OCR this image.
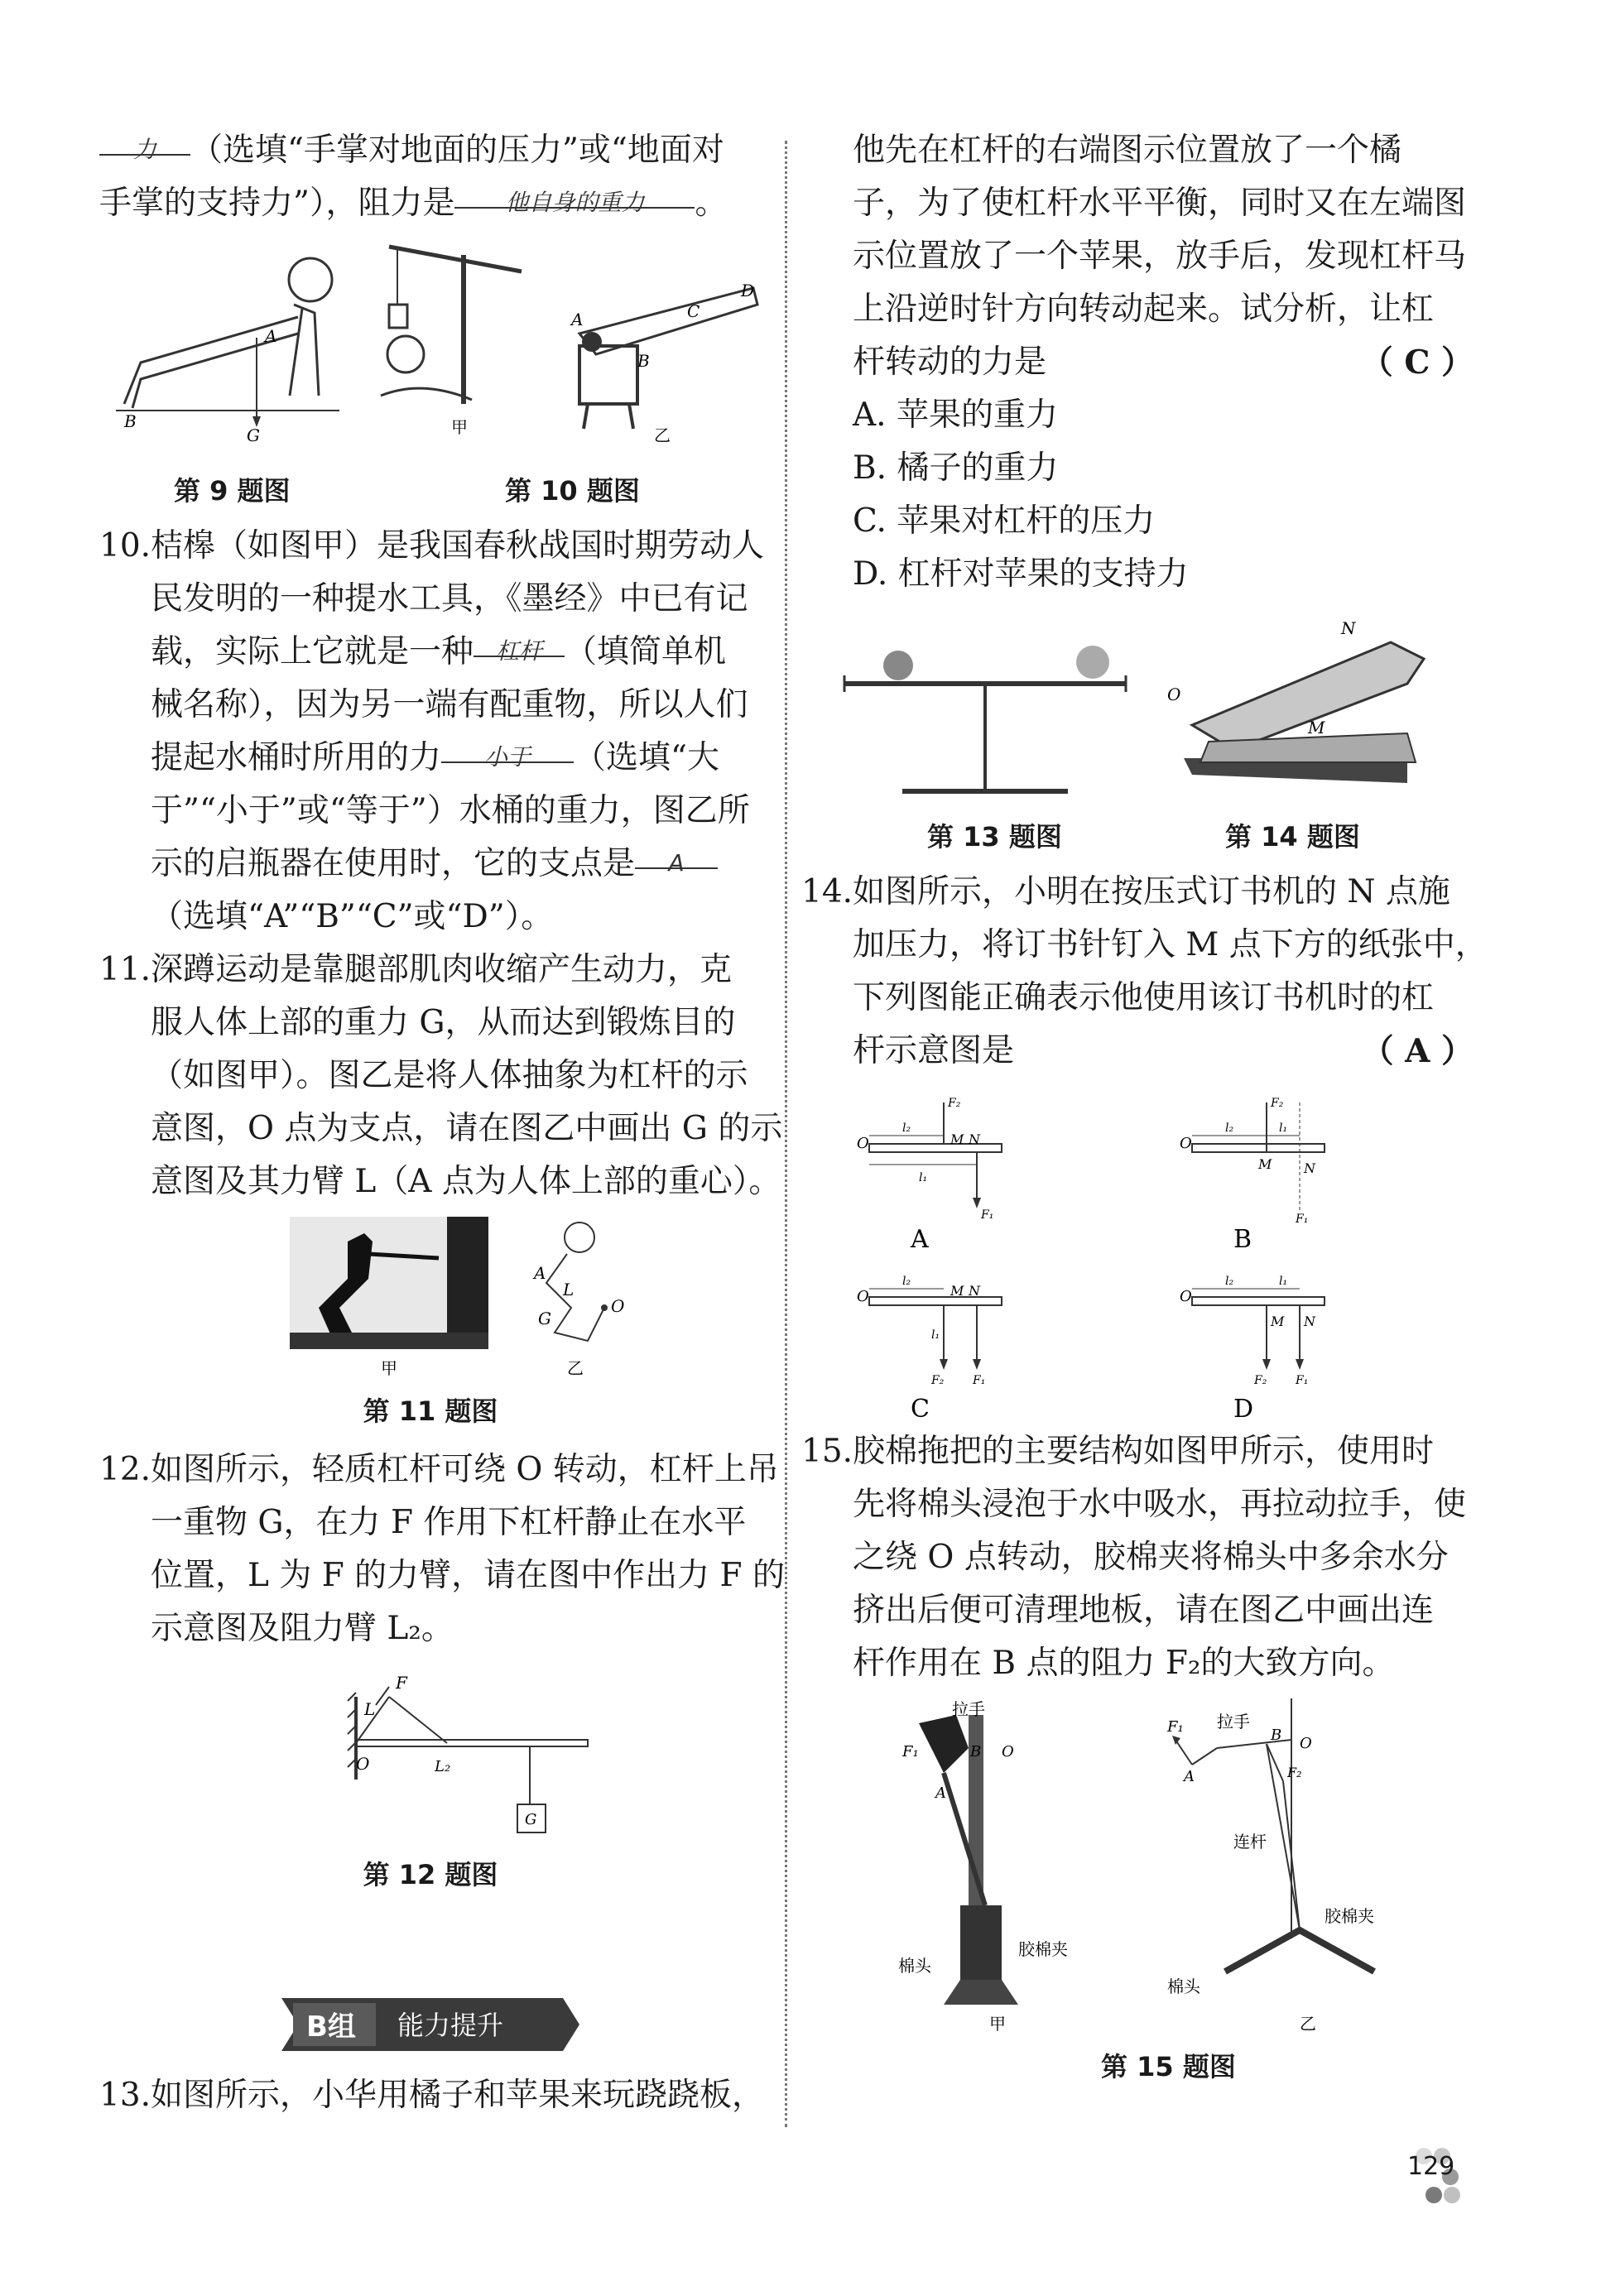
力 （选填“手掌对地面的压力”或“地面对
手掌的支持力”），阻力是 他自身的重力 。
A
B
G	甲
A
B
C
D
乙
第 9 题图	第 10 题图
10.桔槔（如图甲）是我国春秋战国时期劳动人
民发明的一种提水工具，《墨经》中已有记
载，实际上它就是一种 杠杆 （填简单机
械名称），因为另一端有配重物，所以人们
提起水桶时所用的力 小于 （选填“大
于”“小于”或“等于”）水桶的重力，图乙所
示的启瓶器在使用时，它的支点是 A
（选填“A”“B”“C”或“D”）。
11.深蹲运动是靠腿部肌肉收缩产生动力，克
服人体上部的重力 G，从而达到锻炼目的
（如图甲）。图乙是将人体抽象为杠杆的示
意图，O 点为支点，请在图乙中画出 G 的示
意图及其力臂 L（A 点为人体上部的重心）。
甲
A
L
G
O
乙
第 11 题图
12.如图所示，轻质杠杆可绕 O 转动，杠杆上吊
一重物 G，在力 F 作用下杠杆静止在水平
位置，L 为 F 的力臂，请在图中作出力 F 的
示意图及阻力臂 L₂。
F
L
O	L₂
G
第 12 题图
B组 能力提升
13.如图所示，小华用橘子和苹果来玩跷跷板，
他先在杠杆的右端图示位置放了一个橘
子，为了使杠杆水平平衡，同时又在左端图
示位置放了一个苹果，放手后，发现杠杆马
上沿逆时针方向转动起来。试分析，让杠
杆转动的力是	（ C ）
A. 苹果的重力
B. 橘子的重力
C. 苹果对杠杆的压力
D. 杠杆对苹果的支持力
N
O
M
第 13 题图	第 14 题图
14.如图所示，小明在按压式订书机的 N 点施
加压力，将订书针钉入 M 点下方的纸张中，
下列图能正确表示他使用该订书机时的杠
杆示意图是	（ A ）
O	M N
F₂
F₁
l₂
l₁
A
O
M N
F₂
F₁
l₂	l₁
B
O	M N
F₂ F₁
l₂
l₁
C
O
M N
F₂ F₁
l₂	l₁
D
15.胶棉拖把的主要结构如图甲所示，使用时
先将棉头浸泡于水中吸水，再拉动拉手，使
之绕 O 点转动，胶棉夹将棉头中多余水分
挤出后便可清理地板，请在图乙中画出连
杆作用在 B 点的阻力 F₂的大致方向。
拉手
F₁	B O
A
胶棉夹
棉头
甲
F₁ 拉手
B O
A	F₂
连杆
胶棉夹
棉头
乙
第 15 题图
129
